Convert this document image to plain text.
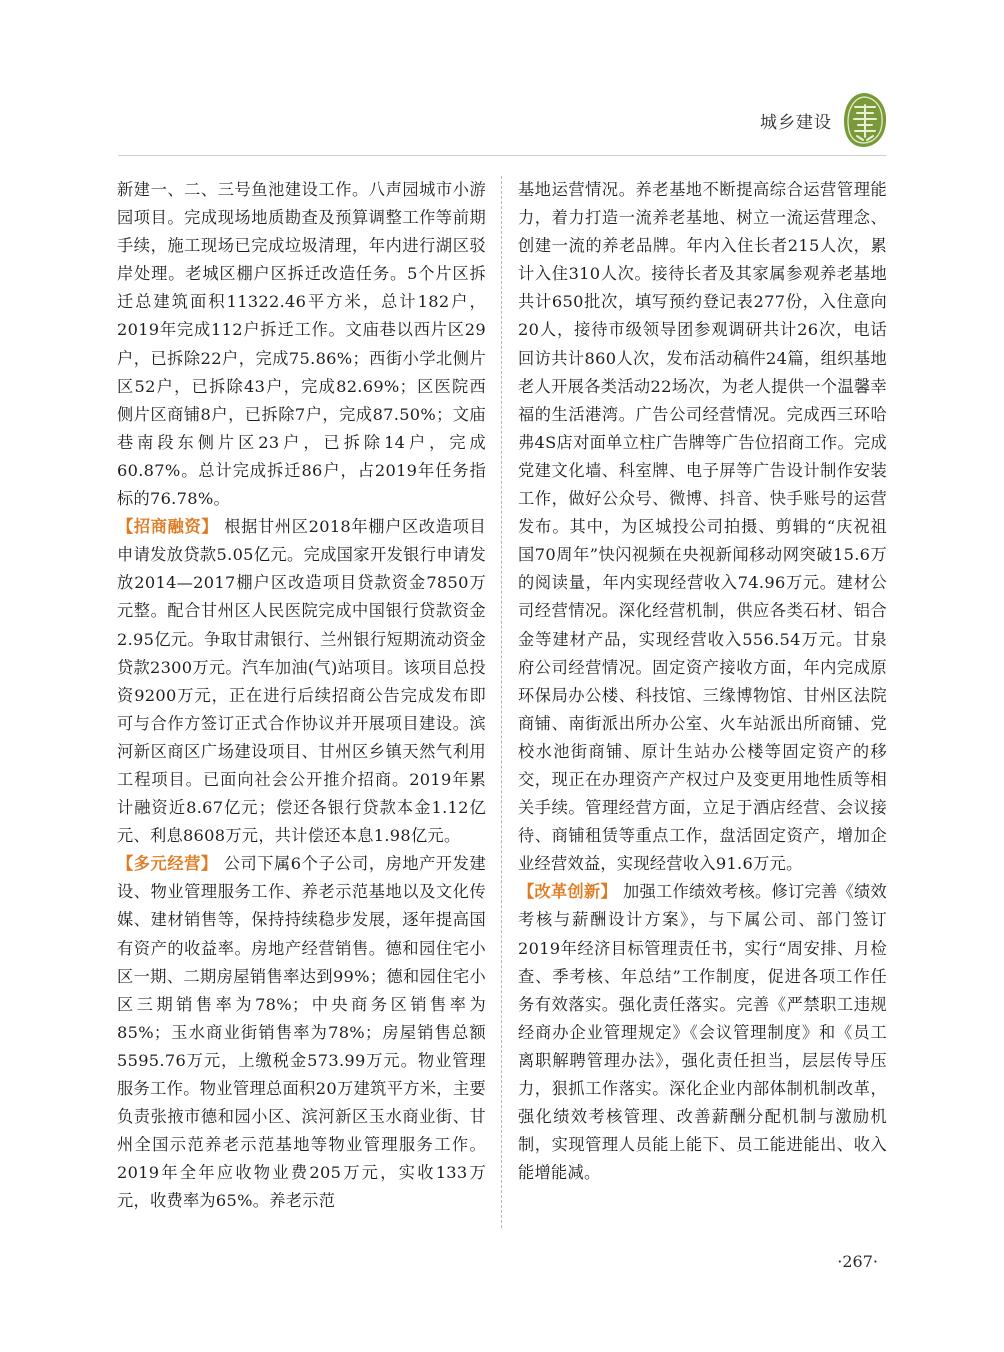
城乡建设

新建一、二、三号鱼池建设工作。八声园城市小游园项目。完成现场地质勘查及预算调整工作等前期手续，施工现场已完成垃圾清理，年内进行湖区驳岸处理。老城区棚户区拆迁改造任务。5个片区拆迁总建筑面积11322.46平方米，总计182户，2019年完成112户拆迁工作。文庙巷以西片区29户，已拆除22户，完成75.86%；西街小学北侧片区52户，已拆除43户，完成82.69%；区医院西侧片区商铺8户，已拆除7户，完成87.50%；文庙巷南段东侧片区23户，已拆除14户，完成60.87%。总计完成拆迁86户，占2019年任务指标的76.78%。

【招商融资】 根据甘州区2018年棚户区改造项目申请发放贷款5.05亿元。完成国家开发银行申请发放2014—2017棚户区改造项目贷款资金7850万元整。配合甘州区人民医院完成中国银行贷款资金2.95亿元。争取甘肃银行、兰州银行短期流动资金贷款2300万元。汽车加油(气)站项目。该项目总投资9200万元，正在进行后续招商公告完成发布即可与合作方签订正式合作协议并开展项目建设。滨河新区商区广场建设项目、甘州区乡镇天然气利用工程项目。已面向社会公开推介招商。2019年累计融资近8.67亿元；偿还各银行贷款本金1.12亿元、利息8608万元，共计偿还本息1.98亿元。

【多元经营】 公司下属6个子公司，房地产开发建设、物业管理服务工作、养老示范基地以及文化传媒、建材销售等，保持持续稳步发展，逐年提高国有资产的收益率。房地产经营销售。德和园住宅小区一期、二期房屋销售率达到99%；德和园住宅小区三期销售率为78%；中央商务区销售率为85%；玉水商业街销售率为78%；房屋销售总额5595.76万元，上缴税金573.99万元。物业管理服务工作。物业管理总面积20万建筑平方米，主要负责张掖市德和园小区、滨河新区玉水商业街、甘州全国示范养老示范基地等物业管理服务工作。2019年全年应收物业费205万元，实收133万元，收费率为65%。养老示范

基地运营情况。养老基地不断提高综合运营管理能力，着力打造一流养老基地、树立一流运营理念、创建一流的养老品牌。年内入住长者215人次，累计入住310人次。接待长者及其家属参观养老基地共计650批次，填写预约登记表277份，入住意向20人，接待市级领导团参观调研共计26次，电话回访共计860人次，发布活动稿件24篇，组织基地老人开展各类活动22场次，为老人提供一个温馨幸福的生活港湾。广告公司经营情况。完成西三环哈弗4S店对面单立柱广告牌等广告位招商工作。完成党建文化墙、科室牌、电子屏等广告设计制作安装工作，做好公众号、微博、抖音、快手账号的运营发布。其中，为区城投公司拍摄、剪辑的“庆祝祖国70周年”快闪视频在央视新闻移动网突破15.6万的阅读量，年内实现经营收入74.96万元。建材公司经营情况。深化经营机制，供应各类石材、铝合金等建材产品，实现经营收入556.54万元。甘泉府公司经营情况。固定资产接收方面，年内完成原环保局办公楼、科技馆、三缘博物馆、甘州区法院商铺、南街派出所办公室、火车站派出所商铺、党校水池街商铺、原计生站办公楼等固定资产的移交，现正在办理资产产权过户及变更用地性质等相关手续。管理经营方面，立足于酒店经营、会议接待、商铺租赁等重点工作，盘活固定资产，增加企业经营效益，实现经营收入91.6万元。

【改革创新】 加强工作绩效考核。修订完善《绩效考核与薪酬设计方案》，与下属公司、部门签订2019年经济目标管理责任书，实行“周安排、月检查、季考核、年总结”工作制度，促进各项工作任务有效落实。强化责任落实。完善《严禁职工违规经商办企业管理规定》《会议管理制度》和《员工离职解聘管理办法》，强化责任担当，层层传导压力，狠抓工作落实。深化企业内部体制机制改革，强化绩效考核管理、改善薪酬分配机制与激励机制，实现管理人员能上能下、员工能进能出、收入能增能减。

·267·
